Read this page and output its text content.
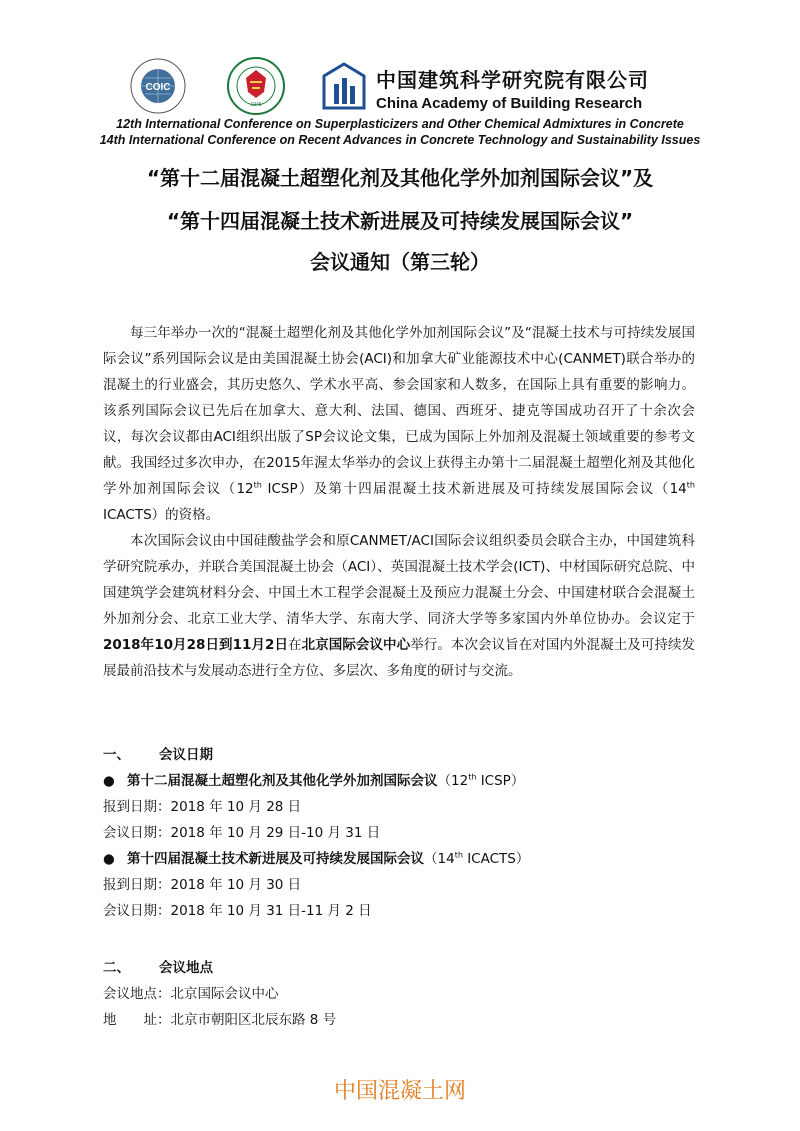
COIC
1945
中国建筑科学研究院有限公司
China Academy of Building Research
12th International Conference on Superplasticizers and Other Chemical Admixtures in Concrete
14th International Conference on Recent Advances in Concrete Technology and Sustainability Issues
“第十二届混凝土超塑化剂及其他化学外加剂国际会议”及
“第十四届混凝土技术新进展及可持续发展国际会议”
会议通知（第三轮）

每三年举办一次的“混凝土超塑化剂及其他化学外加剂国际会议”及“混凝土技术与可持续发展国际会议”系列国际会议是由美国混凝土协会(ACI)和加拿大矿业能源技术中心(CANMET)联合举办的混凝土的行业盛会，其历史悠久、学术水平高、参会国家和人数多，在国际上具有重要的影响力。该系列国际会议已先后在加拿大、意大利、法国、德国、西班牙、捷克等国成功召开了十余次会议，每次会议都由ACI组织出版了SP会议论文集，已成为国际上外加剂及混凝土领域重要的参考文献。我国经过多次申办，在2015年渥太华举办的会议上获得主办第十二届混凝土超塑化剂及其他化学外加剂国际会议（12th ICSP）及第十四届混凝土技术新进展及可持续发展国际会议（14th ICACTS）的资格。

本次国际会议由中国硅酸盐学会和原CANMET/ACI国际会议组织委员会联合主办，中国建筑科学研究院承办，并联合美国混凝土协会（ACI）、英国混凝土技术学会(ICT)、中材国际研究总院、中国建筑学会建筑材料分会、中国土木工程学会混凝土及预应力混凝土分会、中国建材联合会混凝土外加剂分会、北京工业大学、清华大学、东南大学、同济大学等多家国内外单位协办。会议定于2018年10月28日到11月2日在北京国际会议中心举行。本次会议旨在对国内外混凝土及可持续发展最前沿技术与发展动态进行全方位、多层次、多角度的研讨与交流。

一、 会议日期
● 第十二届混凝土超塑化剂及其他化学外加剂国际会议（12th ICSP）
报到日期：2018 年 10 月 28 日
会议日期：2018 年 10 月 29 日-10 月 31 日
● 第十四届混凝土技术新进展及可持续发展国际会议（14th ICACTS）
报到日期：2018 年 10 月 30 日
会议日期：2018 年 10 月 31 日-11 月 2 日
二、 会议地点
会议地点：北京国际会议中心
地　　址：北京市朝阳区北辰东路 8 号
中国混凝土网
